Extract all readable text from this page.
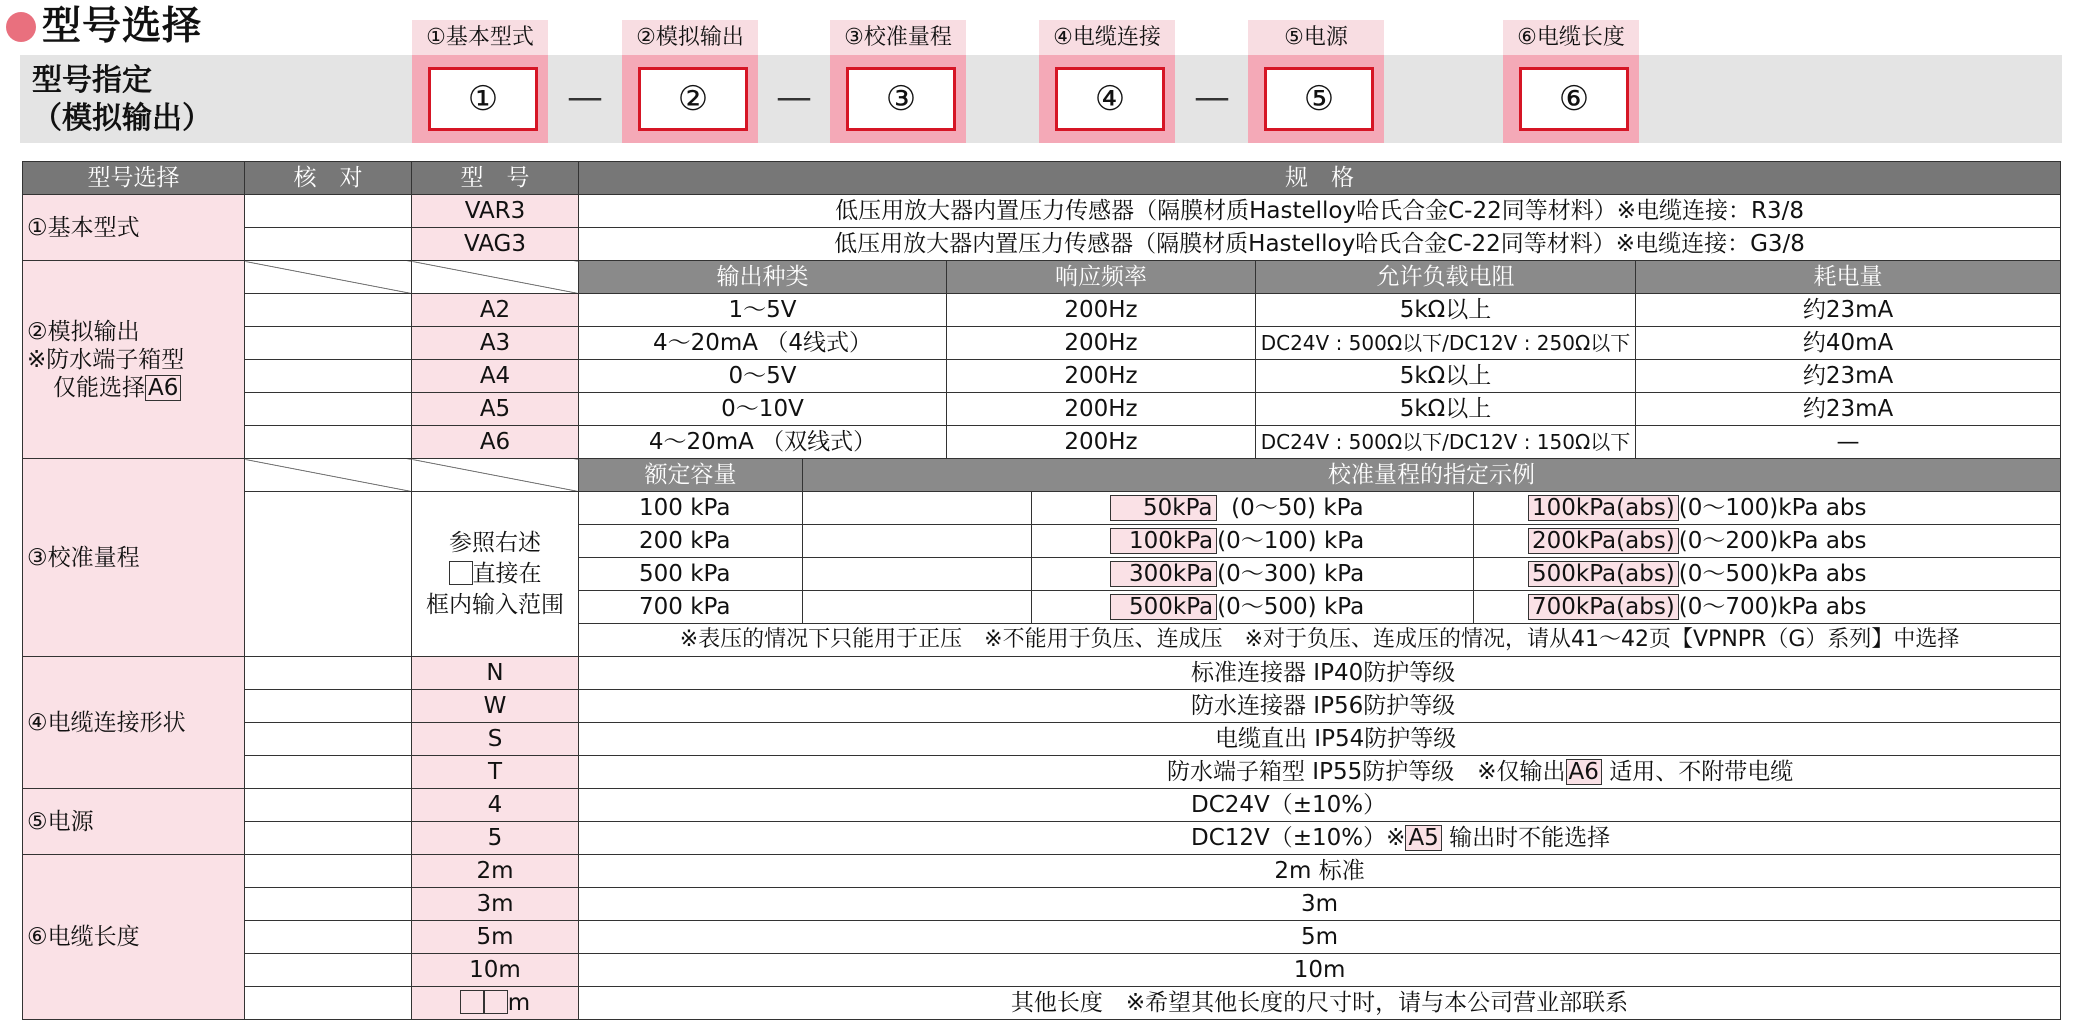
型号选择
型号指定
（模拟输出）
①基本型式
①	—
②模拟输出
②	—
③校准量程
③
④电缆连接
④	—
⑤电源
⑤
⑥电缆长度
⑥
型号选择	核　对	型　号	规　格						
①基本型式		VAR3	低压用放大器内置压力传感器（隔膜材质Hastelloy哈氏合金C-22同等材料）※电缆连接：R3/8						
		VAG3	低压用放大器内置压力传感器（隔膜材质Hastelloy哈氏合金C-22同等材料）※电缆连接：G3/8						

②模拟输出
※防水端子箱型
仅能选择 A6			输出种类		响应频率		允许负载电阻		耗电量
		A2	1～5V		200Hz		5kΩ以上		约23mA
		A3	4～20mA （4线式）		200Hz		DC24V : 500Ω以下/DC12V : 250Ω以下		约40mA
		A4	0～5V		200Hz		5kΩ以上		约23mA
		A5	0～10V		200Hz		5kΩ以上		约23mA
		A6	4～20mA （双线式）		200Hz		DC24V : 500Ω以下/DC12V : 150Ω以下		—
③校准量程			额定容量	校准量程的指定示例					

		参照右述
直接在
框内输入范围	100 kPa			50kPa (0～50) kPa		100kPa(abs) (0～100)kPa abs	
			200 kPa			100kPa (0～100) kPa		200kPa(abs) (0～200)kPa abs	
			500 kPa			300kPa (0～300) kPa		500kPa(abs) (0～500)kPa abs	
			700 kPa			500kPa (0～500) kPa		700kPa(abs) (0～700)kPa abs	
			※表压的情况下只能用于正压　※不能用于负压、连成压　※对于负压、连成压的情况，请从41～42页【VPNPR（G）系列】中选择						
④电缆连接形状		N	标准连接器 IP40防护等级						
		W	防水连接器 IP56防护等级						
		S	电缆直出 IP54防护等级						
		T	防水端子箱型 IP55防护等级　※仅输出 A6 适用、不附带电缆						
⑤电源		4	DC24V（±10%）						
		5	DC12V（±10%）※ A5 输出时不能选择						
⑥电缆长度		2m	2m 标准						
		3m	3m						
		5m	5m						
		10m	10m						
		m	其他长度　※希望其他长度的尺寸时，请与本公司营业部联系						
